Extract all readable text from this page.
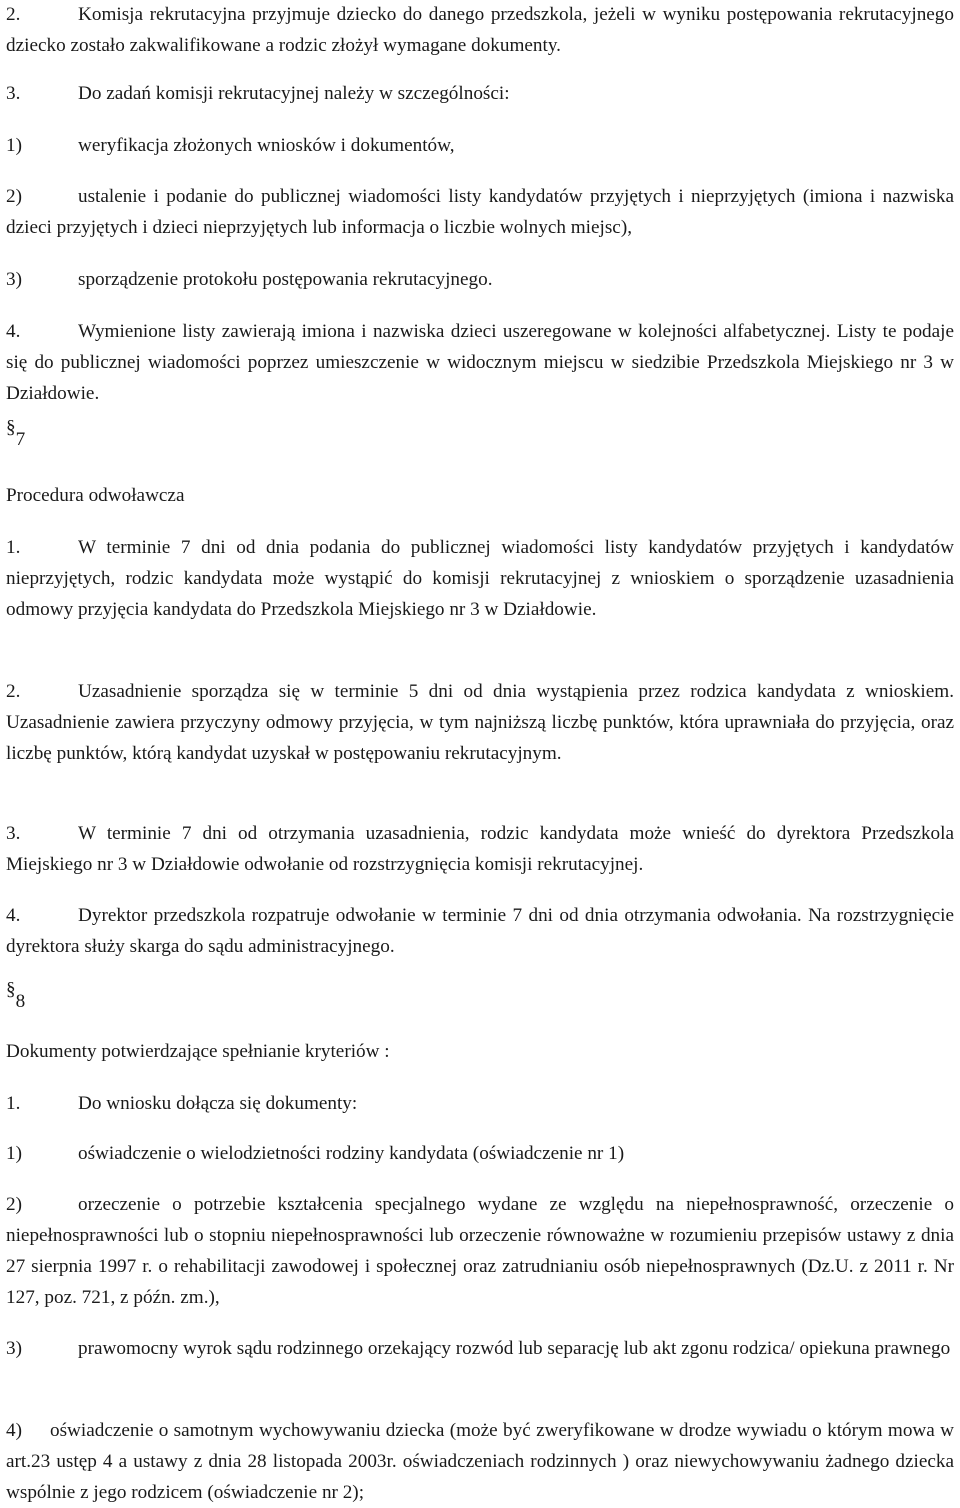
2.	Komisja rekrutacyjna przyjmuje dziecko do danego przedszkola, jeżeli w wyniku postępowania rekrutacyjnego dziecko zostało zakwalifikowane a rodzic złożył wymagane dokumenty.

3.	Do zadań komisji rekrutacyjnej należy w szczególności:

1)	weryfikacja złożonych wniosków i dokumentów,

2)	ustalenie i podanie do publicznej wiadomości listy kandydatów przyjętych i nieprzyjętych (imiona i nazwiska dzieci przyjętych i dzieci nieprzyjętych lub informacja o liczbie wolnych miejsc),

3)	sporządzenie protokołu postępowania rekrutacyjnego.

4.	Wymienione listy zawierają imiona i nazwiska dzieci uszeregowane w kolejności alfabetycznej. Listy te podaje się do publicznej wiadomości poprzez umieszczenie w widocznym miejscu w siedzibie Przedszkola Miejskiego nr 3 w Działdowie.

§7

Procedura odwoławcza

1.	W terminie 7 dni od dnia podania do publicznej wiadomości listy kandydatów przyjętych i kandydatów nieprzyjętych, rodzic kandydata może wystąpić do komisji rekrutacyjnej z wnioskiem o sporządzenie uzasadnienia odmowy przyjęcia kandydata do Przedszkola Miejskiego nr 3 w Działdowie.

2.	Uzasadnienie sporządza się w terminie 5 dni od dnia wystąpienia przez rodzica kandydata z wnioskiem. Uzasadnienie zawiera przyczyny odmowy przyjęcia, w tym najniższą liczbę punktów, która uprawniała do przyjęcia, oraz liczbę punktów, którą kandydat uzyskał w postępowaniu rekrutacyjnym.

3.	W terminie 7 dni od otrzymania uzasadnienia, rodzic kandydata może wnieść do dyrektora Przedszkola Miejskiego nr 3 w Działdowie odwołanie od rozstrzygnięcia komisji rekrutacyjnej.

4.	Dyrektor przedszkola rozpatruje odwołanie w terminie 7 dni od dnia otrzymania odwołania. Na rozstrzygnięcie dyrektora służy skarga do sądu administracyjnego.

§8

Dokumenty potwierdzające spełnianie kryteriów :

1.	Do wniosku dołącza się dokumenty:

1)	oświadczenie o wielodzietności rodziny kandydata (oświadczenie nr 1)

2)	orzeczenie o potrzebie kształcenia specjalnego wydane ze względu na niepełnosprawność, orzeczenie o niepełnosprawności lub o stopniu niepełnosprawności lub orzeczenie równoważne w rozumieniu przepisów ustawy z dnia 27 sierpnia 1997 r. o rehabilitacji zawodowej i społecznej oraz zatrudnianiu osób niepełnosprawnych (Dz.U. z 2011 r. Nr 127, poz. 721, z późn. zm.),

3)	prawomocny wyrok sądu rodzinnego orzekający rozwód lub separację lub akt zgonu rodzica/ opiekuna prawnego

4) oświadczenie o samotnym wychowywaniu dziecka (może być zweryfikowane w drodze wywiadu o którym mowa w art.23 ustęp 4 a ustawy z dnia 28 listopada 2003r. oświadczeniach rodzinnych ) oraz niewychowywaniu żadnego dziecka wspólnie z jego rodzicem (oświadczenie nr 2);
